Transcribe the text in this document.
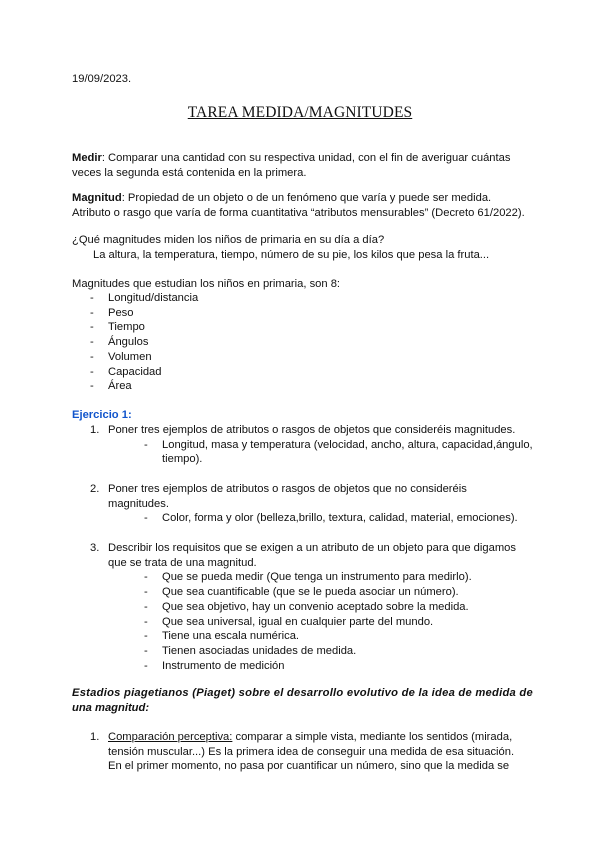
19/09/2023.
TAREA MEDIDA/MAGNITUDES
Medir: Comparar una cantidad con su respectiva unidad, con el fin de averiguar cuántas
veces la segunda está contenida en la primera.
Magnitud: Propiedad de un objeto o de un fenómeno que varía y puede ser medida.
Atributo o rasgo que varía de forma cuantitativa “atributos mensurables” (Decreto 61/2022).
¿Qué magnitudes miden los niños de primaria en su día a día?
La altura, la temperatura, tiempo, número de su pie, los kilos que pesa la fruta...
Magnitudes que estudian los niños en primaria, son 8:
- Longitud/distancia
- Peso
- Tiempo
- Ángulos
- Volumen
- Capacidad
- Área
Ejercicio 1:
1. Poner tres ejemplos de atributos o rasgos de objetos que consideréis magnitudes.
- Longitud, masa y temperatura (velocidad, ancho, altura, capacidad,ángulo,
tiempo).
2. Poner tres ejemplos de atributos o rasgos de objetos que no consideréis
magnitudes.
- Color, forma y olor (belleza,brillo, textura, calidad, material, emociones).
3. Describir los requisitos que se exigen a un atributo de un objeto para que digamos
que se trata de una magnitud.
- Que se pueda medir (Que tenga un instrumento para medirlo).
- Que sea cuantificable (que se le pueda asociar un número).
- Que sea objetivo, hay un convenio aceptado sobre la medida.
- Que sea universal, igual en cualquier parte del mundo.
- Tiene una escala numérica.
- Tienen asociadas unidades de medida.
- Instrumento de medición
Estadios piagetianos (Piaget) sobre el desarrollo evolutivo de la idea de medida de
una magnitud:
1. Comparación perceptiva: comparar a simple vista, mediante los sentidos (mirada,
tensión muscular...) Es la primera idea de conseguir una medida de esa situación.
En el primer momento, no pasa por cuantificar un número, sino que la medida se
